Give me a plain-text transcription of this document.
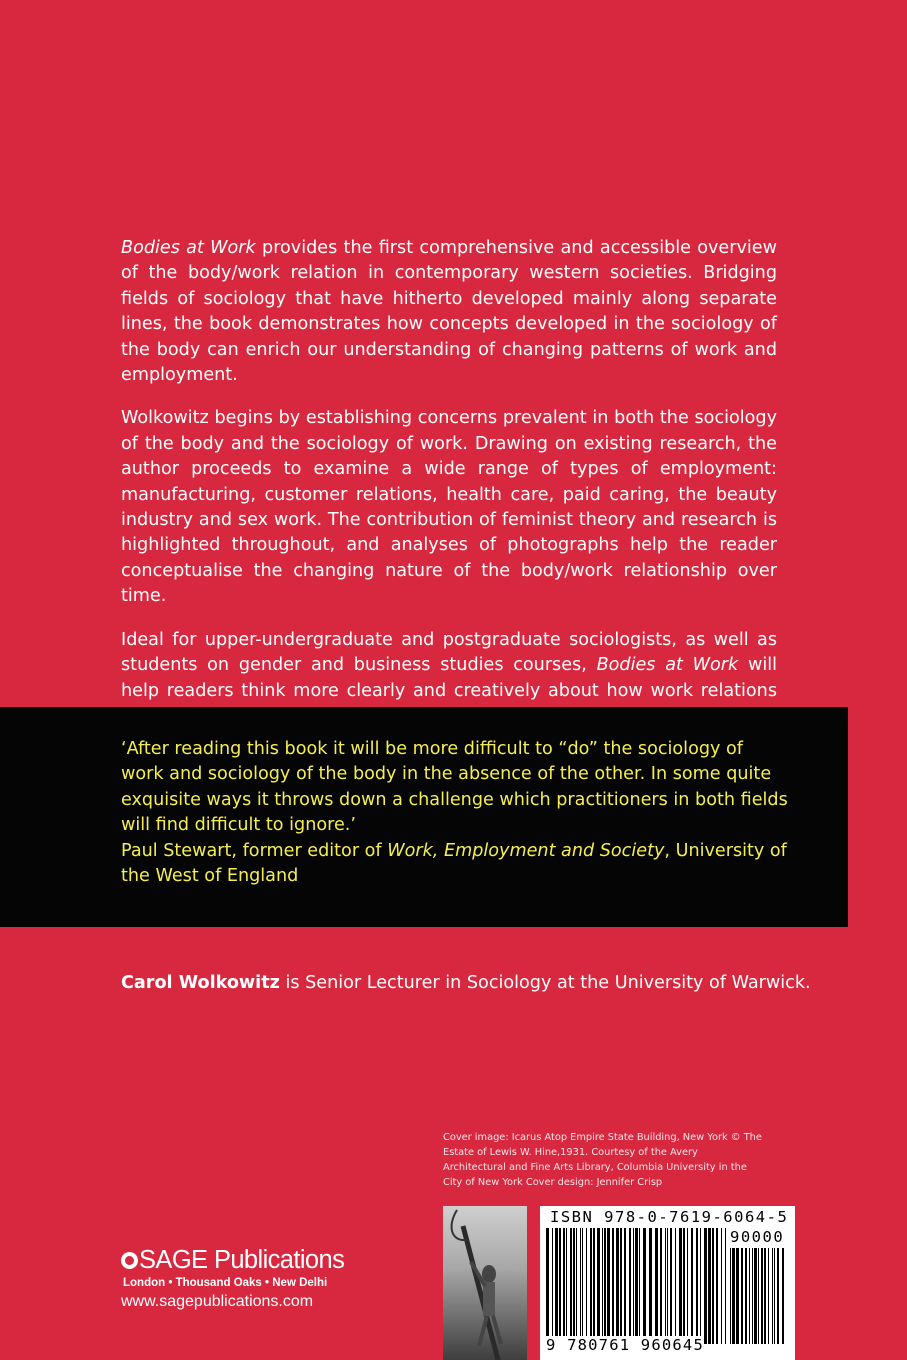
Bodies at Work provides the first comprehensive and accessible overview of the body/work relation in contemporary western societies. Bridging fields of sociology that have hitherto developed mainly along separate lines, the book demonstrates how concepts developed in the sociology of the body can enrich our understanding of changing patterns of work and employment.

Wolkowitz begins by establishing concerns prevalent in both the sociology of the body and the sociology of work. Drawing on existing research, the author proceeds to examine a wide range of types of employment: manufacturing, customer relations, health care, paid caring, the beauty industry and sex work. The contribution of feminist theory and research is highlighted throughout, and analyses of photographs help the reader conceptualise the changing nature of the body/work relationship over time.

Ideal for upper-undergraduate and postgraduate sociologists, as well as students on gender and business studies courses, Bodies at Work will help readers think more clearly and creatively about how work relations

‘After reading this book it will be more difficult to “do” the sociology of work and sociology of the body in the absence of the other. In some quite exquisite ways it throws down a challenge which practitioners in both fields will find difficult to ignore.’

Paul Stewart, former editor of Work, Employment and Society, University of the West of England

Carol Wolkowitz is Senior Lecturer in Sociology at the University of Warwick.
Cover image: Icarus Atop Empire State Building, New York © The Estate of Lewis W. Hine,1931. Courtesy of the Avery Architectural and Fine Arts Library, Columbia University in the City of New York Cover design: Jennifer Crisp
ISBN 978-0-7619-6064-5
90000
9 780761 960645
SAGE Publications
London • Thousand Oaks • New Delhi
www.sagepublications.com
